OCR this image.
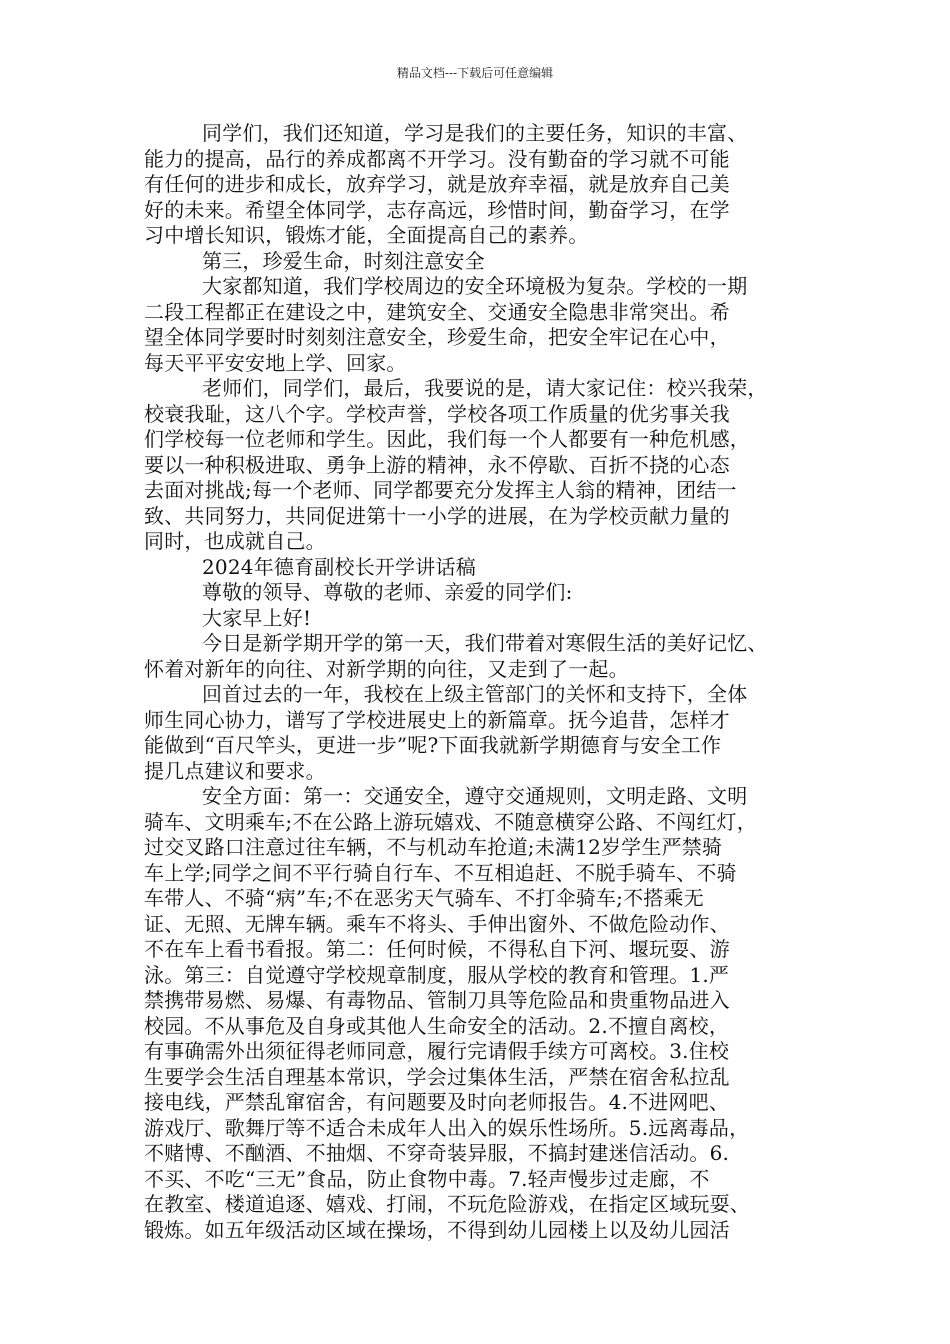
精品文档---下载后可任意编辑
同学们，我们还知道，学习是我们的主要任务，知识的丰富、
能力的提高，品行的养成都离不开学习。没有勤奋的学习就不可能
有任何的进步和成长，放弃学习，就是放弃幸福，就是放弃自己美
好的未来。希望全体同学，志存高远，珍惜时间，勤奋学习，在学
习中增长知识，锻炼才能，全面提高自己的素养。
第三，珍爱生命，时刻注意安全
大家都知道，我们学校周边的安全环境极为复杂。学校的一期
二段工程都正在建设之中，建筑安全、交通安全隐患非常突出。希
望全体同学要时时刻刻注意安全，珍爱生命，把安全牢记在心中，
每天平平安安地上学、回家。
老师们，同学们，最后，我要说的是，请大家记住：校兴我荣，
校衰我耻，这八个字。学校声誉，学校各项工作质量的优劣事关我
们学校每一位老师和学生。因此，我们每一个人都要有一种危机感，
要以一种积极进取、勇争上游的精神，永不停歇、百折不挠的心态
去面对挑战;每一个老师、同学都要充分发挥主人翁的精神，团结一
致、共同努力，共同促进第十一小学的进展，在为学校贡献力量的
同时，也成就自己。
2024年德育副校长开学讲话稿
尊敬的领导、尊敬的老师、亲爱的同学们:
大家早上好!
今日是新学期开学的第一天，我们带着对寒假生活的美好记忆、
怀着对新年的向往、对新学期的向往，又走到了一起。
回首过去的一年，我校在上级主管部门的关怀和支持下，全体
师生同心协力，谱写了学校进展史上的新篇章。抚今追昔，怎样才
能做到“百尺竿头，更进一步”呢?下面我就新学期德育与安全工作
提几点建议和要求。
安全方面：第一：交通安全，遵守交通规则，文明走路、文明
骑车、文明乘车;不在公路上游玩嬉戏、不随意横穿公路、不闯红灯，
过交叉路口注意过往车辆，不与机动车抢道;未满12岁学生严禁骑
车上学;同学之间不平行骑自行车、不互相追赶、不脱手骑车、不骑
车带人、不骑“病”车;不在恶劣天气骑车、不打伞骑车;不搭乘无
证、无照、无牌车辆。乘车不将头、手伸出窗外、不做危险动作、
不在车上看书看报。第二：任何时候，不得私自下河、堰玩耍、游
泳。第三：自觉遵守学校规章制度，服从学校的教育和管理。1.严
禁携带易燃、易爆、有毒物品、管制刀具等危险品和贵重物品进入
校园。不从事危及自身或其他人生命安全的活动。2.不擅自离校，
有事确需外出须征得老师同意，履行完请假手续方可离校。3.住校
生要学会生活自理基本常识，学会过集体生活，严禁在宿舍私拉乱
接电线，严禁乱窜宿舍，有问题要及时向老师报告。4.不进网吧、
游戏厅、歌舞厅等不适合未成年人出入的娱乐性场所。5.远离毒品，
不赌博、不酗酒、不抽烟、不穿奇装异服，不搞封建迷信活动。6.
不买、不吃“三无”食品，防止食物中毒。7.轻声慢步过走廊，不
在教室、楼道追逐、嬉戏、打闹，不玩危险游戏，在指定区域玩耍、
锻炼。如五年级活动区域在操场，不得到幼儿园楼上以及幼儿园活
